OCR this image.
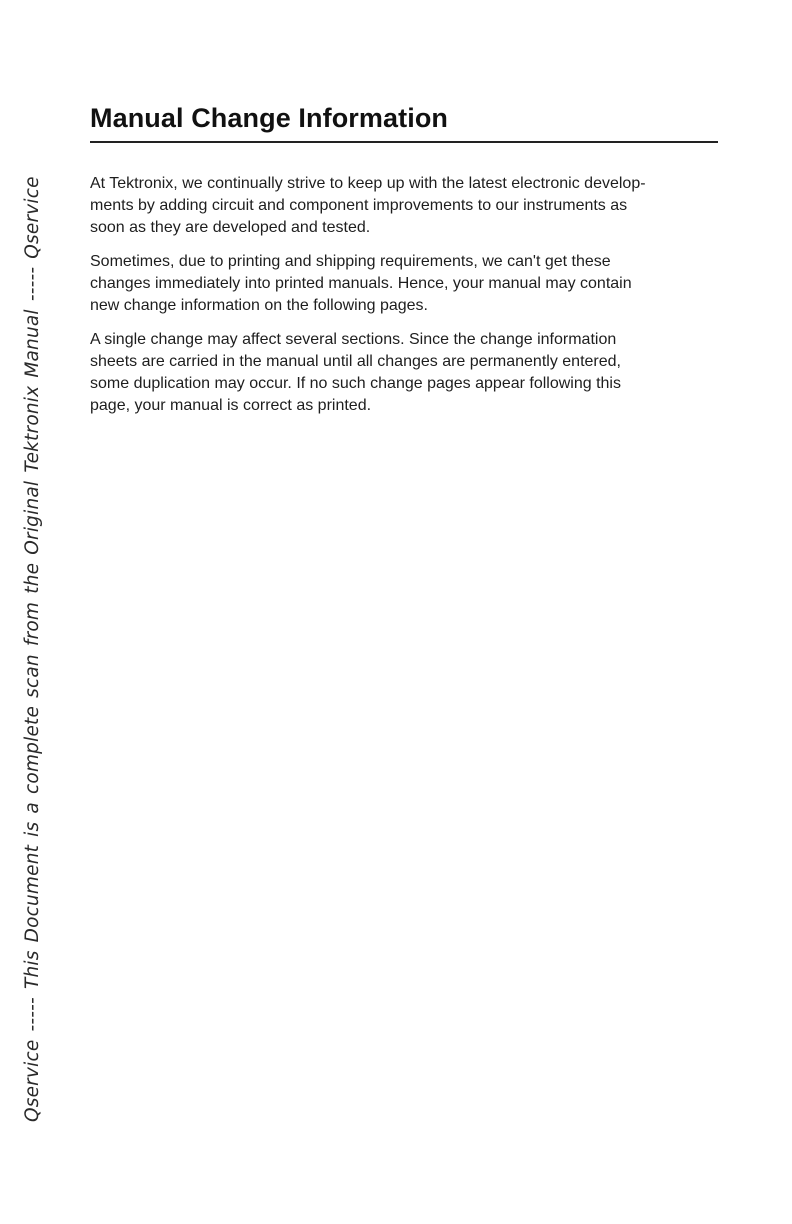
Qservice ----- This Document is a complete scan from the Original Tektronix Manual ----- Qservice
Manual Change Information

At Tektronix, we continually strive to keep up with the latest electronic develop-
ments by adding circuit and component improvements to our instruments as
soon as they are developed and tested.

Sometimes, due to printing and shipping requirements, we can't get these
changes immediately into printed manuals. Hence, your manual may contain
new change information on the following pages.

A single change may affect several sections. Since the change information
sheets are carried in the manual until all changes are permanently entered,
some duplication may occur. If no such change pages appear following this
page, your manual is correct as printed.
